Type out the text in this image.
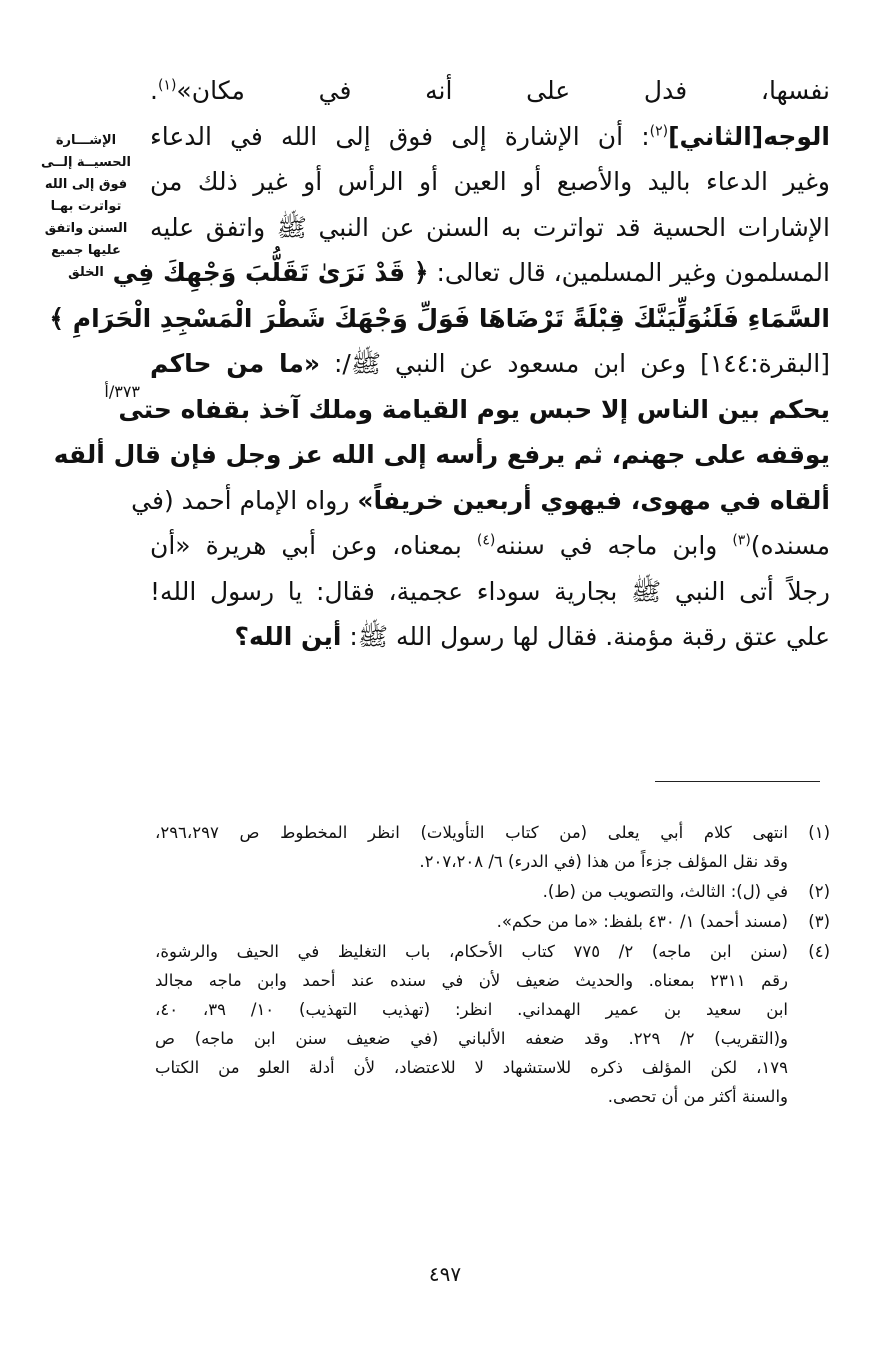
نفسها، فدل على أنه في مكان»$^{(١)}$.
الوجه[الثاني]$^{(٢)}$: أن الإشارة إلى فوق إلى الله في الدعاء
وغير الدعاء باليد والأصبع أو العين أو الرأس أو غير ذلك من
الإشارات الحسية قد تواترت به السنن عن النبي ﷺ واتفق عليه
المسلمون وغير المسلمين، قال تعالى: ﴿ قَدْ نَرَىٰ تَقَلُّبَ وَجْهِكَ فِي
السَّمَاءِ فَلَنُوَلِّيَنَّكَ قِبْلَةً تَرْضَاهَا فَوَلِّ وَجْهَكَ شَطْرَ الْمَسْجِدِ الْحَرَامِ ﴾
[البقرة:١٤٤] وعن ابن مسعود عن النبي ﷺ/: «ما من حاكم
يحكم بين الناس إلا حبس يوم القيامة وملك آخذ بقفاه حتى
يوقفه على جهنم، ثم يرفع رأسه إلى الله عز وجل فإن قال ألقه
ألقاه في مهوى، فيهوي أربعين خريفاً» رواه الإمام أحمد (في
مسنده)$^{(٣)}$ وابن ماجه في سننه$^{(٤)}$ بمعناه، وعن أبي هريرة «أن
رجلاً أتى النبي ﷺ بجارية سوداء عجمية، فقال: يا رسول الله!
علي عتق رقبة مؤمنة. فقال لها رسول الله ﷺ: أين الله؟
الإشـــارة
الحسيــة إلــى
فوق إلى الله
تواترت بهـا
السنن واتفق
عليها جميع
الخلق
٣٧٣/أ
(١)
انتهى كلام أبي يعلى (من كتاب التأويلات) انظر المخطوط ص ٢٩٦،٢٩٧،
وقد نقل المؤلف جزءاً من هذا (في الدرء) ٦/ ٢٠٧،٢٠٨.
(٢)
في (ل): الثالث، والتصويب من (ط).
(٣)
(مسند أحمد) ١/ ٤٣٠ بلفظ: «ما من حكم».
(٤)
(سنن ابن ماجه) ٢/ ٧٧٥ كتاب الأحكام، باب التغليظ في الحيف والرشوة،
رقم ٢٣١١ بمعناه. والحديث ضعيف لأن في سنده عند أحمد وابن ماجه مجالد
ابن سعيد بن عمير الهمداني. انظر: (تهذيب التهذيب) ١٠/ ٣٩، ٤٠،
و(التقريب) ٢/ ٢٢٩. وقد ضعفه الألباني (في ضعيف سنن ابن ماجه) ص
١٧٩، لكن المؤلف ذكره للاستشهاد لا للاعتضاد، لأن أدلة العلو من الكتاب
والسنة أكثر من أن تحصى.
٤٩٧
